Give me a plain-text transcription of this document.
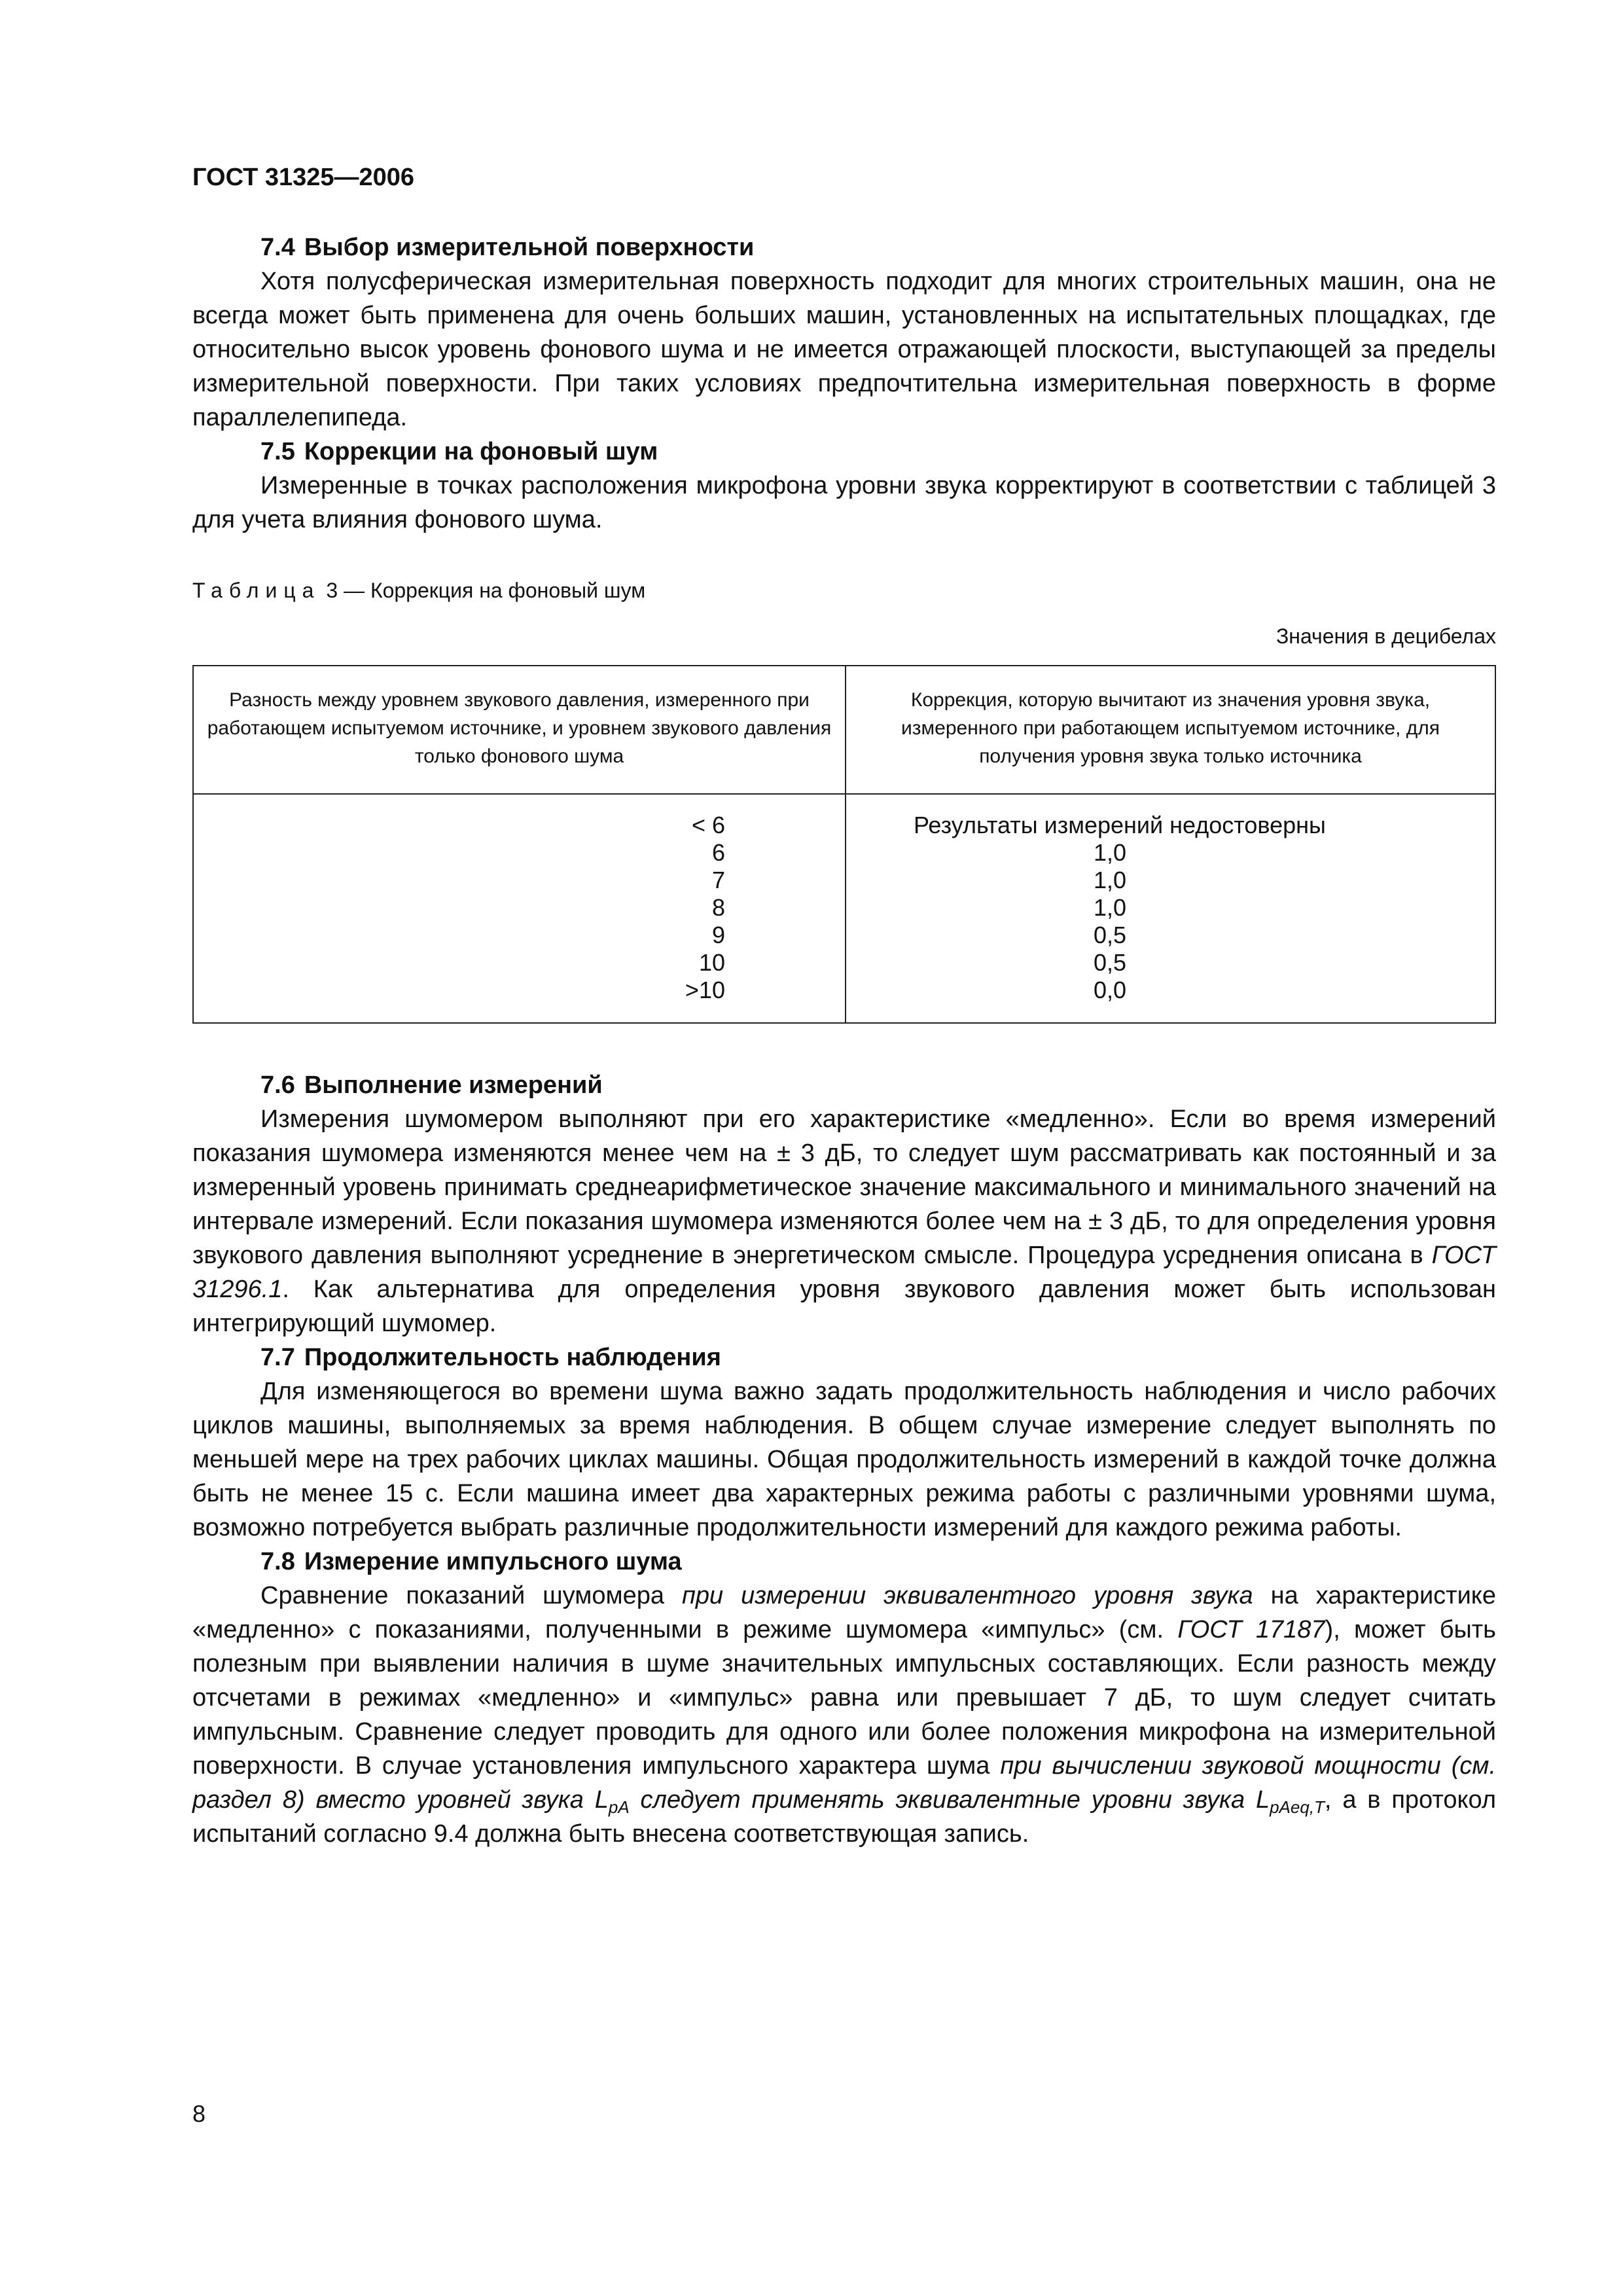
ГОСТ 31325—2006

7.4 Выбор измерительной поверхности

Хотя полусферическая измерительная поверхность подходит для многих строительных машин, она не всегда может быть применена для очень больших машин, установленных на испытательных площадках, где относительно высок уровень фонового шума и не имеется отражающей плоскости, выступающей за пределы измерительной поверхности. При таких условиях предпочтительна измерительная поверхность в форме параллелепипеда.

7.5 Коррекции на фоновый шум

Измеренные в точках расположения микрофона уровни звука корректируют в соответствии с таблицей 3 для учета влияния фонового шума.

Таблица 3 — Коррекция на фоновый шум
Значения в децибелах
Разность между уровнем звукового давления, измеренного при работающем испытуемом источнике, и уровнем звукового давления только фонового шума
Коррекция, которую вычитают из значения уровня звука, измеренного при работающем испытуемом источнике, для получения уровня звука только источника
< 6
6
7
8
9
10
>10
Результаты измерений недостоверны
1,0
1,0
1,0
0,5
0,5
0,0

7.6 Выполнение измерений

Измерения шумомером выполняют при его характеристике «медленно». Если во время измерений показания шумомера изменяются менее чем на ± 3 дБ, то следует шум рассматривать как постоянный и за измеренный уровень принимать среднеарифметическое значение максимального и минимального значений на интервале измерений. Если показания шумомера изменяются более чем на ± 3 дБ, то для определения уровня звукового давления выполняют усреднение в энергетическом смысле. Процедура усреднения описана в ГОСТ 31296.1. Как альтернатива для определения уровня звукового давления может быть использован интегрирующий шумомер.

7.7 Продолжительность наблюдения

Для изменяющегося во времени шума важно задать продолжительность наблюдения и число рабочих циклов машины, выполняемых за время наблюдения. В общем случае измерение следует выполнять по меньшей мере на трех рабочих циклах машины. Общая продолжительность измерений в каждой точке должна быть не менее 15 с. Если машина имеет два характерных режима работы с различными уровнями шума, возможно потребуется выбрать различные продолжительности измерений для каждого режима работы.

7.8 Измерение импульсного шума

Сравнение показаний шумомера при измерении эквивалентного уровня звука на характеристике «медленно» с показаниями, полученными в режиме шумомера «импульс» (см. ГОСТ 17187), может быть полезным при выявлении наличия в шуме значительных импульсных составляющих. Если разность между отсчетами в режимах «медленно» и «импульс» равна или превышает 7 дБ, то шум следует считать импульсным. Сравнение следует проводить для одного или более положения микрофона на измерительной поверхности. В случае установления импульсного характера шума при вычислении звуковой мощности (см. раздел 8) вместо уровней звука $L_{pA}$ следует применять эквивалентные уровни звука $L_{pAeq,T}$, а в протокол испытаний согласно 9.4 должна быть внесена соответствующая запись.

8
